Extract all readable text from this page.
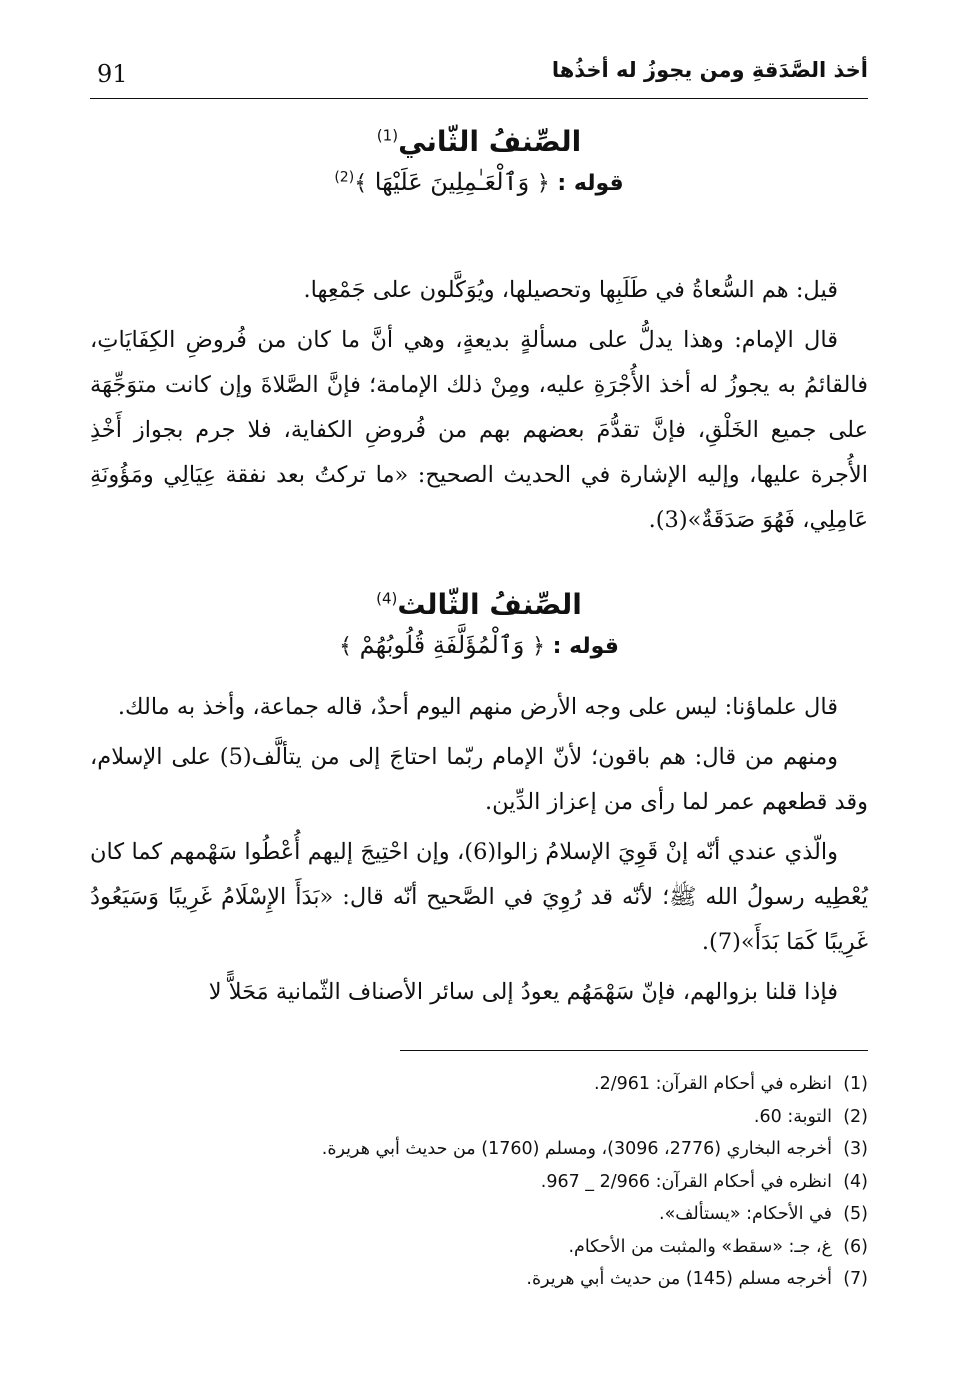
أخذ الصَّدَقةِ ومن يجوزُ له أخذُها
91
الصِّنفُ الثّاني$^{(1)}$
قوله : ﴿ وَٱلْعَـٰمِلِينَ عَلَيْهَا ﴾$^{(2)}$

قيل: هم السُّعاةُ في طَلَبِها وتحصيلها، ويُوَكَّلون على جَمْعِها.

قال الإمام: وهذا يدلُّ على مسألةٍ بديعةٍ، وهي أنَّ ما كان من فُروضِ الكِفَايَاتِ، فالقائمُ به يجوزُ له أخذ الأُجْرَةِ عليه، ومِنْ ذلك الإمامة؛ فإنَّ الصَّلاةَ وإن كانت متوَجِّهَة على جميع الخَلْقِ، فإنَّ تقدُّمَ بعضهم بهم من فُروضِ الكفاية، فلا جرم بجواز أَخْذِ الأُجرة عليها، وإليه الإشارة في الحديث الصحيح: «ما تركتُ بعد نفقة عِيَالِي ومَؤُونَةِ عَامِلِي، فَهُوَ صَدَقَةٌ»(3).

الصِّنفُ الثّالث$^{(4)}$
قوله : ﴿ وَٱلْمُؤَلَّفَةِ قُلُوبُهُمْ ﴾

قال علماؤنا: ليس على وجه الأرض منهم اليوم أحدٌ، قاله جماعة، وأخذ به مالك.

ومنهم من قال: هم باقون؛ لأنّ الإمام ربّما احتاجَ إلى من يتألَّف(5) على الإسلام، وقد قطعهم عمر لما رأى من إعزاز الدِّين.

والّذي عندي أنّه إنْ قَوِيَ الإسلامُ زالوا(6)، وإن احْتِيجَ إليهم أُعْطُوا سَهْمهم كما كان يُعْطِيه رسولُ الله ﷺ؛ لأنّه قد رُوِيَ في الصَّحيح أنّه قال: «بَدَأَ الإِسْلَامُ غَرِيبًا وَسَيَعُودُ غَرِيبًا كَمَا بَدَأَ»(7).

فإذا قلنا بزوالهم، فإنّ سَهْمَهُم يعودُ إلى سائر الأصناف الثّمانية مَحَلاًّ لا

(1)انظره في أحكام القرآن: 2/961.
(2)التوبة: 60.
(3)أخرجه البخاري (2776، 3096)، ومسلم (1760) من حديث أبي هريرة.
(4)انظره في أحكام القرآن: 2/966 _ 967.
(5)في الأحكام: «يستألف».
(6)غ، جـ: «سقط» والمثبت من الأحكام.
(7)أخرجه مسلم (145) من حديث أبي هريرة.
